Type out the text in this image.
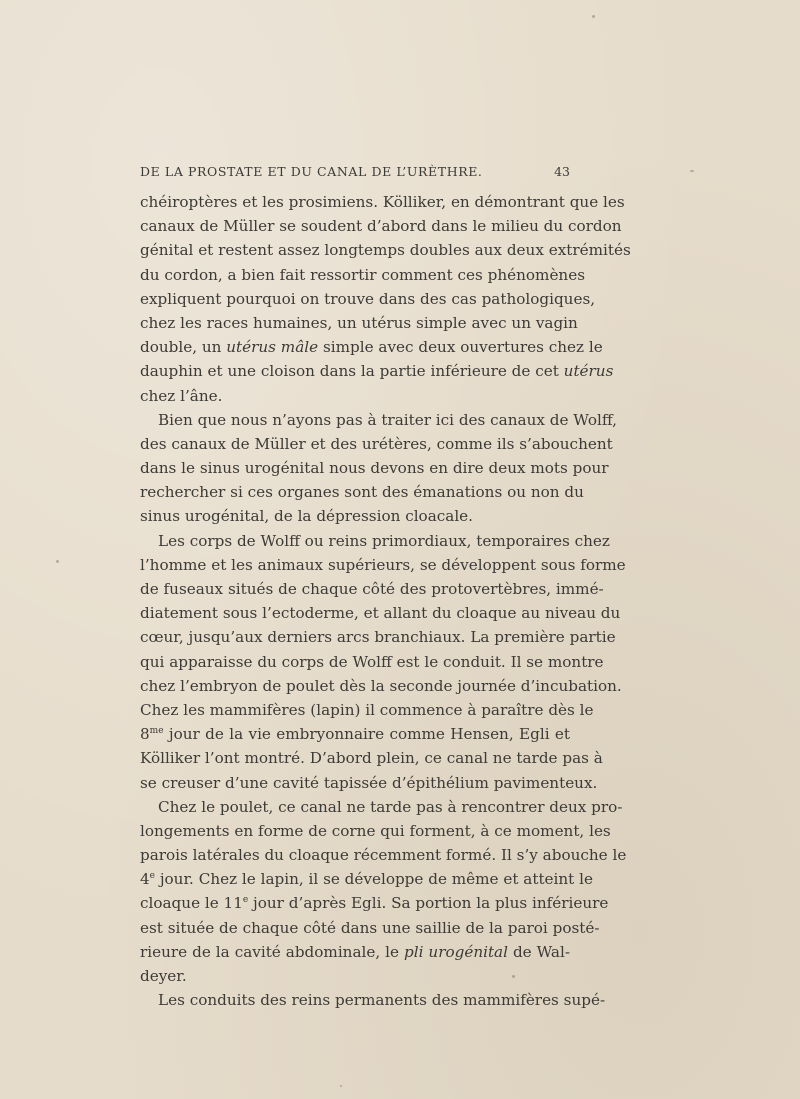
DE LA PROSTATE ET DU CANAL DE L’URÈTHRE.	43
chéiroptères et les prosimiens. Kölliker, en démontrant que les
canaux de Müller se soudent d’abord dans le milieu du cordon
génital et restent assez longtemps doubles aux deux extrémités
du cordon, a bien fait ressortir comment ces phénomènes
expliquent pourquoi on trouve dans des cas pathologiques,
chez les races humaines, un utérus simple avec un vagin
double, un utérus mâle simple avec deux ouvertures chez le
dauphin et une cloison dans la partie inférieure de cet utérus
chez l’âne.
Bien que nous n’ayons pas à traiter ici des canaux de Wolff,
des canaux de Müller et des urétères, comme ils s’abouchent
dans le sinus urogénital nous devons en dire deux mots pour
rechercher si ces organes sont des émanations ou non du
sinus urogénital, de la dépression cloacale.
Les corps de Wolff ou reins primordiaux, temporaires chez
l’homme et les animaux supérieurs, se développent sous forme
de fuseaux situés de chaque côté des protovertèbres, immé-
diatement sous l’ectoderme, et allant du cloaque au niveau du
cœur, jusqu’aux derniers arcs branchiaux. La première partie
qui apparaisse du corps de Wolff est le conduit. Il se montre
chez l’embryon de poulet dès la seconde journée d’incubation.
Chez les mammifères (lapin) il commence à paraître dès le
$8^{me}$ jour de la vie embryonnaire comme Hensen, Egli et
Kölliker l’ont montré. D’abord plein, ce canal ne tarde pas à
se creuser d’une cavité tapissée d’épithélium pavimenteux.
Chez le poulet, ce canal ne tarde pas à rencontrer deux pro-
longements en forme de corne qui forment, à ce moment, les
parois latérales du cloaque récemment formé. Il s’y abouche le
4e jour. Chez le lapin, il se développe de même et atteint le
cloaque le 11e jour d’après Egli. Sa portion la plus inférieure
est située de chaque côté dans une saillie de la paroi posté-
rieure de la cavité abdominale, le pli urogénital de Wal-
deyer.
Les conduits des reins permanents des mammifères supé-
